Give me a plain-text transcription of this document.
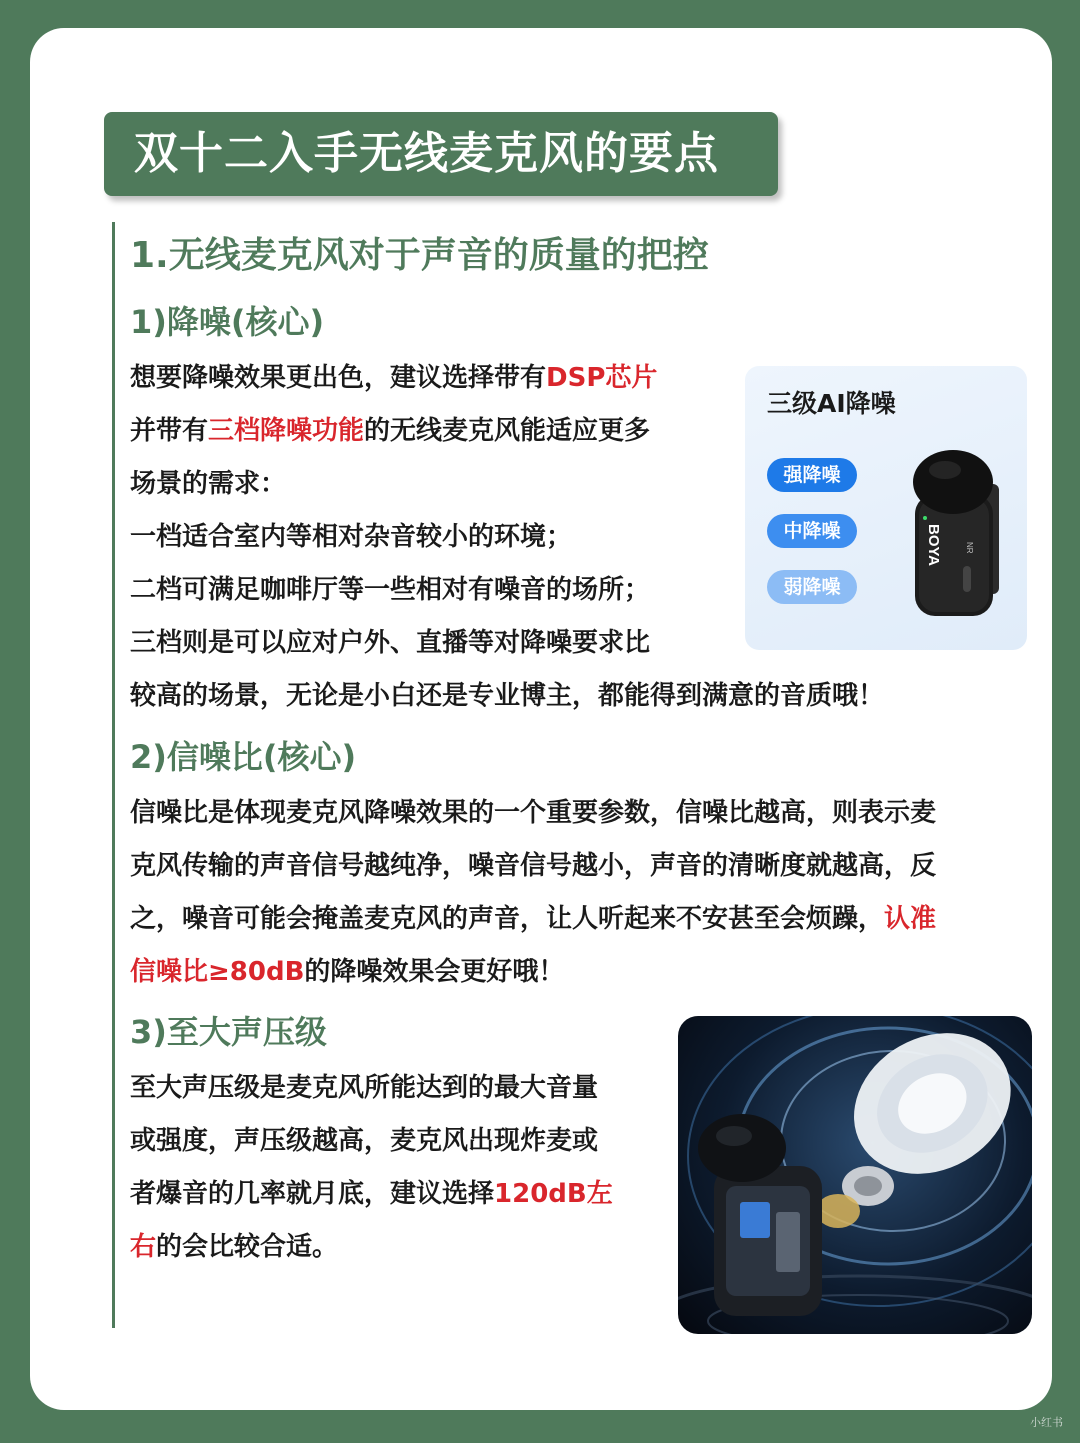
双十二入手无线麦克风的要点
1.无线麦克风对于声音的质量的把控
1)降噪(核心)
想要降噪效果更出色，建议选择带有DSP芯片
并带有三档降噪功能的无线麦克风能适应更多
场景的需求：
一档适合室内等相对杂音较小的环境；
二档可满足咖啡厅等一些相对有噪音的场所；
三档则是可以应对户外、直播等对降噪要求比
较高的场景，无论是小白还是专业博主，都能得到满意的音质哦！
三级AI降噪
强降噪
中降噪
弱降噪
BOYA	NR
2)信噪比(核心)
信噪比是体现麦克风降噪效果的一个重要参数，信噪比越高，则表示麦
克风传输的声音信号越纯净，噪音信号越小，声音的清晰度就越高，反
之，噪音可能会掩盖麦克风的声音，让人听起来不安甚至会烦躁，认准
信噪比≥80dB的降噪效果会更好哦！
3)至大声压级
至大声压级是麦克风所能达到的最大音量
或强度，声压级越高，麦克风出现炸麦或
者爆音的几率就月底，建议选择120dB左
右的会比较合适。
小红书
